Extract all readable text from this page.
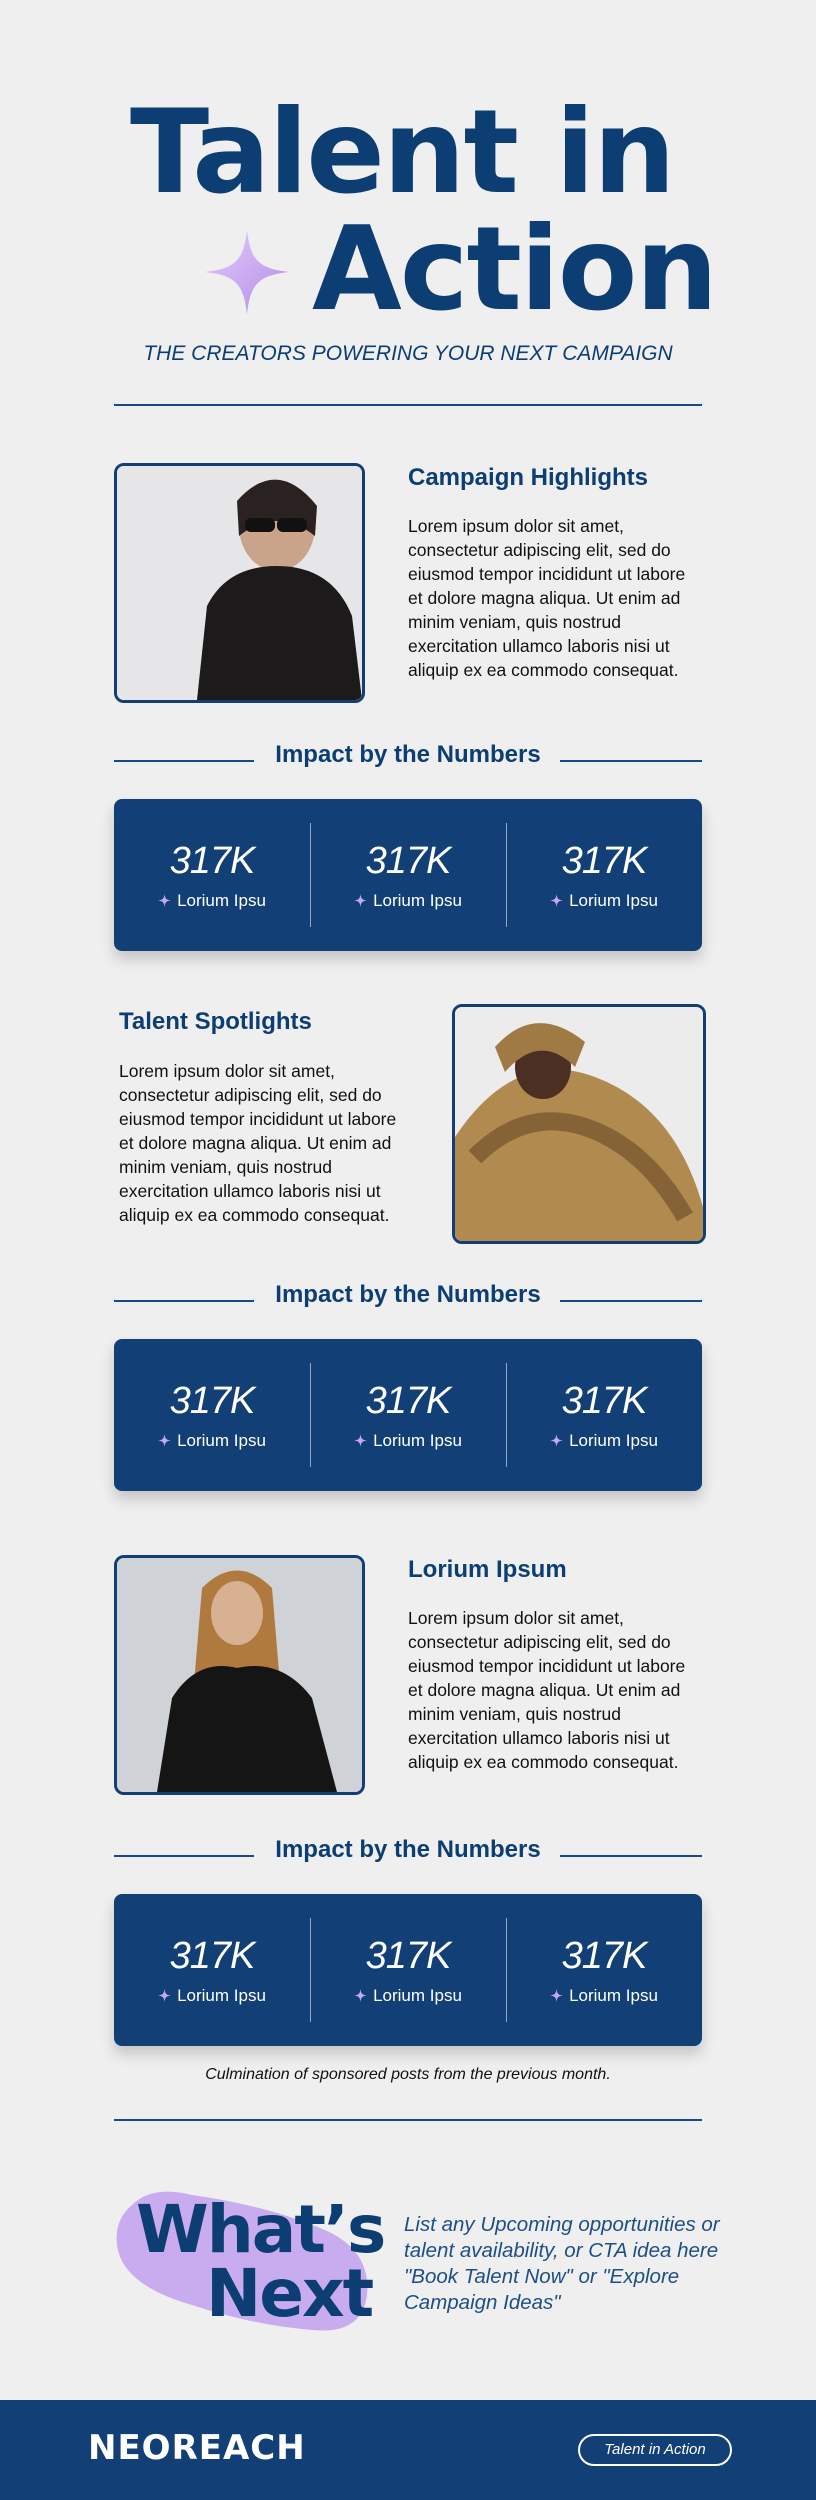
Talent in
Action
THE CREATORS POWERING YOUR NEXT CAMPAIGN
Campaign Highlights
Lorem ipsum dolor sit amet, consectetur adipiscing elit, sed do eiusmod tempor incididunt ut labore et dolore magna aliqua. Ut enim ad minim veniam, quis nostrud exercitation ullamco laboris nisi ut aliquip ex ea commodo consequat.
Impact by the Numbers
317K
Lorium Ipsu
317K
Lorium Ipsu
317K
Lorium Ipsu
Talent Spotlights
Lorem ipsum dolor sit amet, consectetur adipiscing elit, sed do eiusmod tempor incididunt ut labore et dolore magna aliqua. Ut enim ad minim veniam, quis nostrud exercitation ullamco laboris nisi ut aliquip ex ea commodo consequat.
Impact by the Numbers
317K
Lorium Ipsu
317K
Lorium Ipsu
317K
Lorium Ipsu
Lorium Ipsum
Lorem ipsum dolor sit amet, consectetur adipiscing elit, sed do eiusmod tempor incididunt ut labore et dolore magna aliqua. Ut enim ad minim veniam, quis nostrud exercitation ullamco laboris nisi ut aliquip ex ea commodo consequat.
Impact by the Numbers
317K
Lorium Ipsu
317K
Lorium Ipsu
317K
Lorium Ipsu
Culmination of sponsored posts from the previous month.
What’s
Next
List any Upcoming opportunities or talent availability, or CTA idea here "Book Talent Now" or "Explore Campaign Ideas"
NEOREACH	Talent in Action
